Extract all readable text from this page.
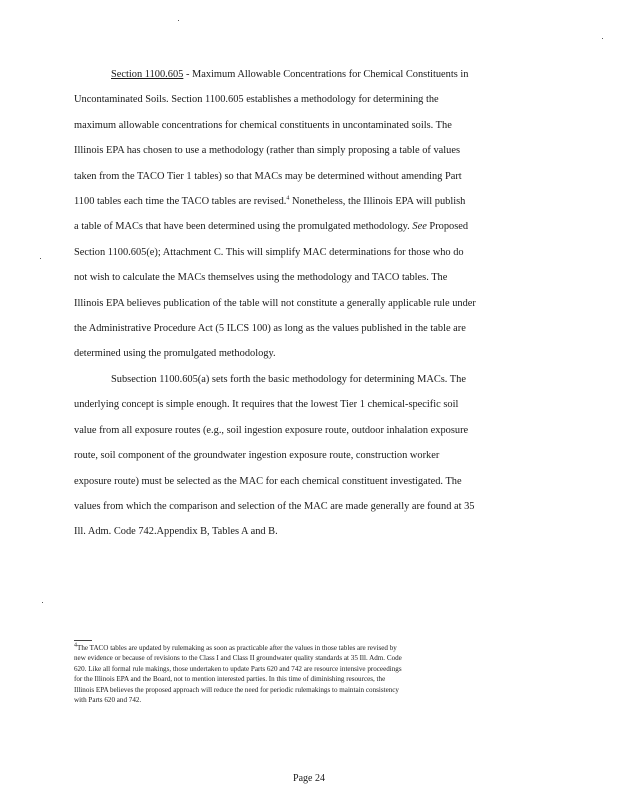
Section 1100.605 - Maximum Allowable Concentrations for Chemical Constituents in
Uncontaminated Soils. Section 1100.605 establishes a methodology for determining the
maximum allowable concentrations for chemical constituents in uncontaminated soils. The
Illinois EPA has chosen to use a methodology (rather than simply proposing a table of values
taken from the TACO Tier 1 tables) so that MACs may be determined without amending Part
1100 tables each time the TACO tables are revised.$^4$ Nonetheless, the Illinois EPA will publish
a table of MACs that have been determined using the promulgated methodology. See Proposed
Section 1100.605(e); Attachment C. This will simplify MAC determinations for those who do
not wish to calculate the MACs themselves using the methodology and TACO tables. The
Illinois EPA believes publication of the table will not constitute a generally applicable rule under
the Administrative Procedure Act (5 ILCS 100) as long as the values published in the table are
determined using the promulgated methodology.

Subsection 1100.605(a) sets forth the basic methodology for determining MACs. The
underlying concept is simple enough. It requires that the lowest Tier 1 chemical-specific soil
value from all exposure routes (e.g., soil ingestion exposure route, outdoor inhalation exposure
route, soil component of the groundwater ingestion exposure route, construction worker
exposure route) must be selected as the MAC for each chemical constituent investigated. The
values from which the comparison and selection of the MAC are made generally are found at 35
Ill. Adm. Code 742.Appendix B, Tables A and B.

$^4$The TACO tables are updated by rulemaking as soon as practicable after the values in those tables are revised by
new evidence or because of revisions to the Class I and Class II groundwater quality standards at 35 Ill. Adm. Code
620. Like all formal rule makings, those undertaken to update Parts 620 and 742 are resource intensive proceedings
for the Illinois EPA and the Board, not to mention interested parties. In this time of diminishing resources, the
Illinois EPA believes the proposed approach will reduce the need for periodic rulemakings to maintain consistency
with Parts 620 and 742.
Page 24
